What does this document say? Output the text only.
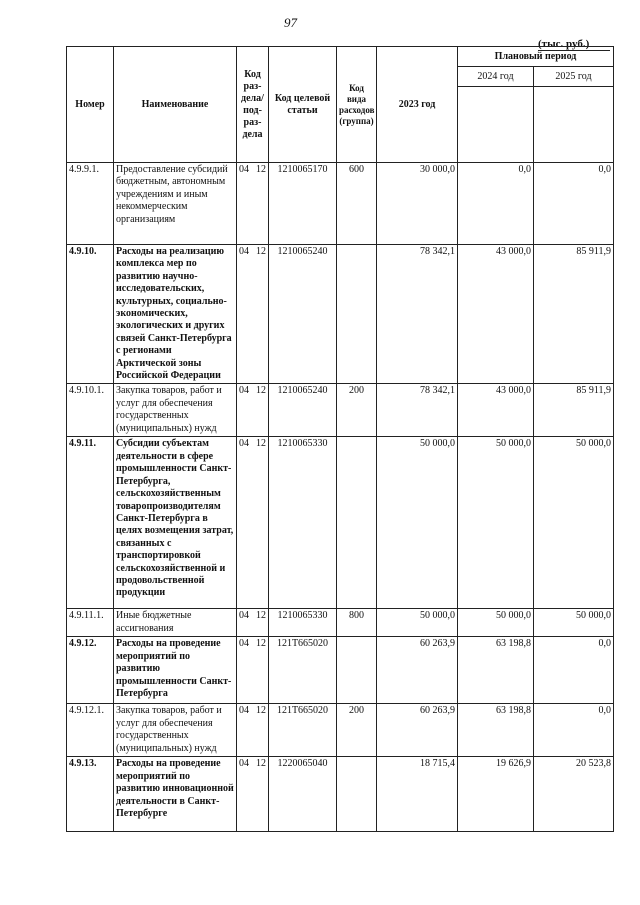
97
(тыс. руб.)
Номер	Наименование	Код раз-дела/ под-раз-дела	Код целевой статьи	Код вида расходов (группа)	2023 год	Плановый период	
						2024 год	2025 год

4.9.9.1.	Предоставление субсидий бюджетным, автономным учреждениям и иным некоммерческим организациям	04 12	1210065170	600	30 000,0	0,0	0,0
4.9.10.	Расходы на реализацию комплекса мер по развитию научно-исследовательских, культурных, социально-экономических, экологических и других связей Санкт-Петербурга с регионами Арктической зоны Российской Федерации	04 12	1210065240		78 342,1	43 000,0	85 911,9
4.9.10.1.	Закупка товаров, работ и услуг для обеспечения государственных (муниципальных) нужд	04 12	1210065240	200	78 342,1	43 000,0	85 911,9
4.9.11.	Субсидии субъектам деятельности в сфере промышленности Санкт-Петербурга, сельскохозяйственным товаропроизводителям Санкт-Петербурга в целях возмещения затрат, связанных с транспортировкой сельскохозяйственной и продовольственной продукции	04 12	1210065330		50 000,0	50 000,0	50 000,0
4.9.11.1.	Иные бюджетные ассигнования	04 12	1210065330	800	50 000,0	50 000,0	50 000,0
4.9.12.	Расходы на проведение мероприятий по развитию промышленности Санкт-Петербурга	04 12	121Т665020		60 263,9	63 198,8	0,0
4.9.12.1.	Закупка товаров, работ и услуг для обеспечения государственных (муниципальных) нужд	04 12	121Т665020	200	60 263,9	63 198,8	0,0
4.9.13.	Расходы на проведение мероприятий по развитию инновационной деятельности в Санкт-Петербурге	04 12	1220065040		18 715,4	19 626,9	20 523,8
